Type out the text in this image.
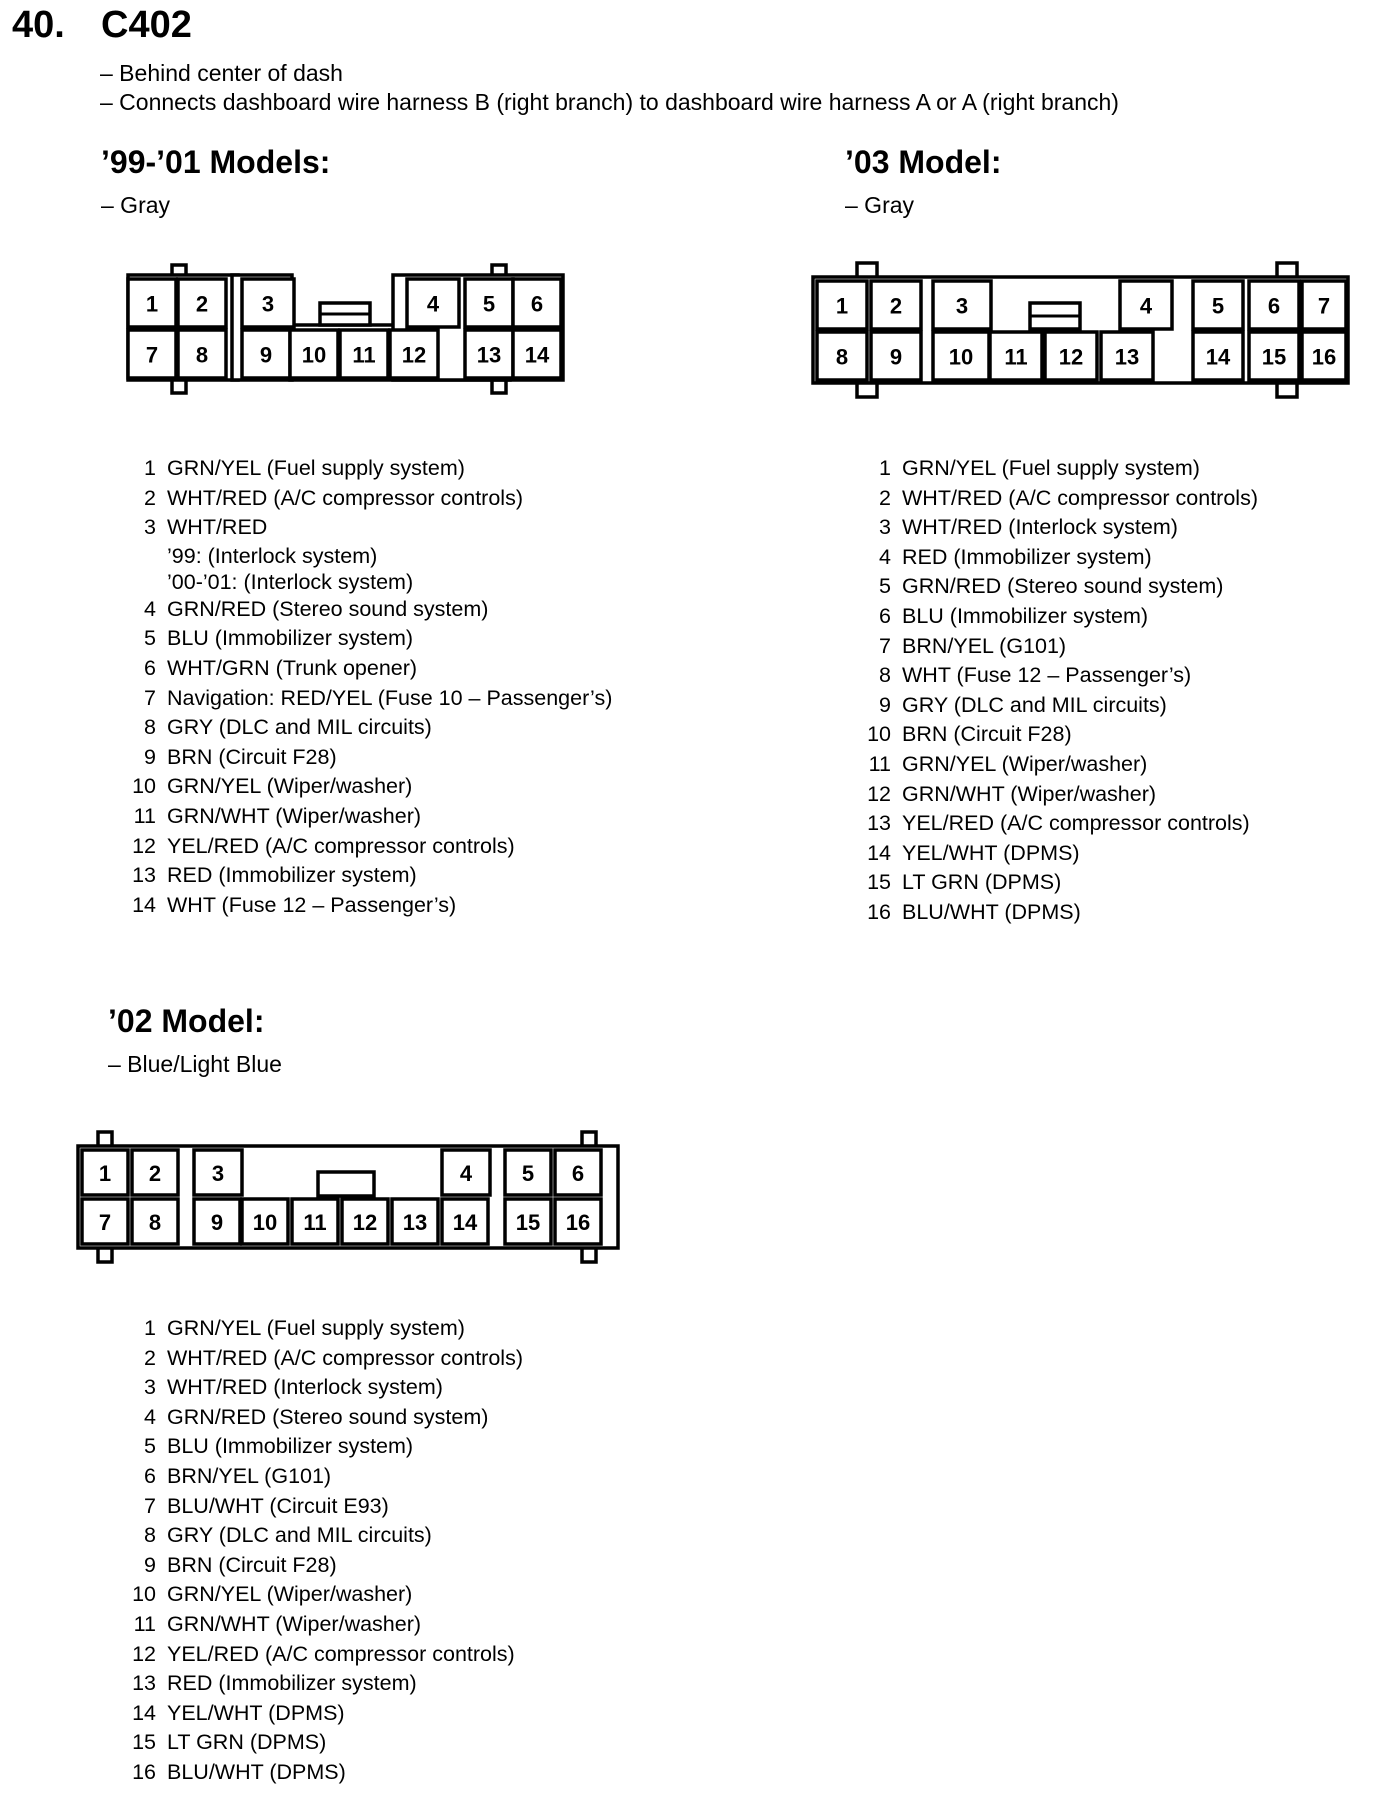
40. C402
– Behind center of dash
– Connects dashboard wire harness B (right branch) to dashboard wire harness A or A (right branch)
’99-’01 Models:
– Gray
1 2 3	4 5 6
7 8 9 10 11 12 13 14
1 GRN/YEL (Fuel supply system)
2 WHT/RED (A/C compressor controls)
3 WHT/RED
’99: (Interlock system)
’00-’01: (Interlock system)
4 GRN/RED (Stereo sound system)
5 BLU (Immobilizer system)
6 WHT/GRN (Trunk opener)
7 Navigation: RED/YEL (Fuse 10 – Passenger’s)
8 GRY (DLC and MIL circuits)
9 BRN (Circuit F28)
10 GRN/YEL (Wiper/washer)
11 GRN/WHT (Wiper/washer)
12 YEL/RED (A/C compressor controls)
13 RED (Immobilizer system)
14 WHT (Fuse 12 – Passenger’s)
’03 Model:
– Gray
1 2 3	4	5 6 7
8 9 10 11 12 13	14 15 16
1 GRN/YEL (Fuel supply system)
2 WHT/RED (A/C compressor controls)
3 WHT/RED (Interlock system)
4 RED (Immobilizer system)
5 GRN/RED (Stereo sound system)
6 BLU (Immobilizer system)
7 BRN/YEL (G101)
8 WHT (Fuse 12 – Passenger’s)
9 GRY (DLC and MIL circuits)
10 BRN (Circuit F28)
11 GRN/YEL (Wiper/washer)
12 GRN/WHT (Wiper/washer)
13 YEL/RED (A/C compressor controls)
14 YEL/WHT (DPMS)
15 LT GRN (DPMS)
16 BLU/WHT (DPMS)
’02 Model:
– Blue/Light Blue
1 2 3	4 5 6
7 8 9 10 11 12 13 14 15 16
1 GRN/YEL (Fuel supply system)
2 WHT/RED (A/C compressor controls)
3 WHT/RED (Interlock system)
4 GRN/RED (Stereo sound system)
5 BLU (Immobilizer system)
6 BRN/YEL (G101)
7 BLU/WHT (Circuit E93)
8 GRY (DLC and MIL circuits)
9 BRN (Circuit F28)
10 GRN/YEL (Wiper/washer)
11 GRN/WHT (Wiper/washer)
12 YEL/RED (A/C compressor controls)
13 RED (Immobilizer system)
14 YEL/WHT (DPMS)
15 LT GRN (DPMS)
16 BLU/WHT (DPMS)
